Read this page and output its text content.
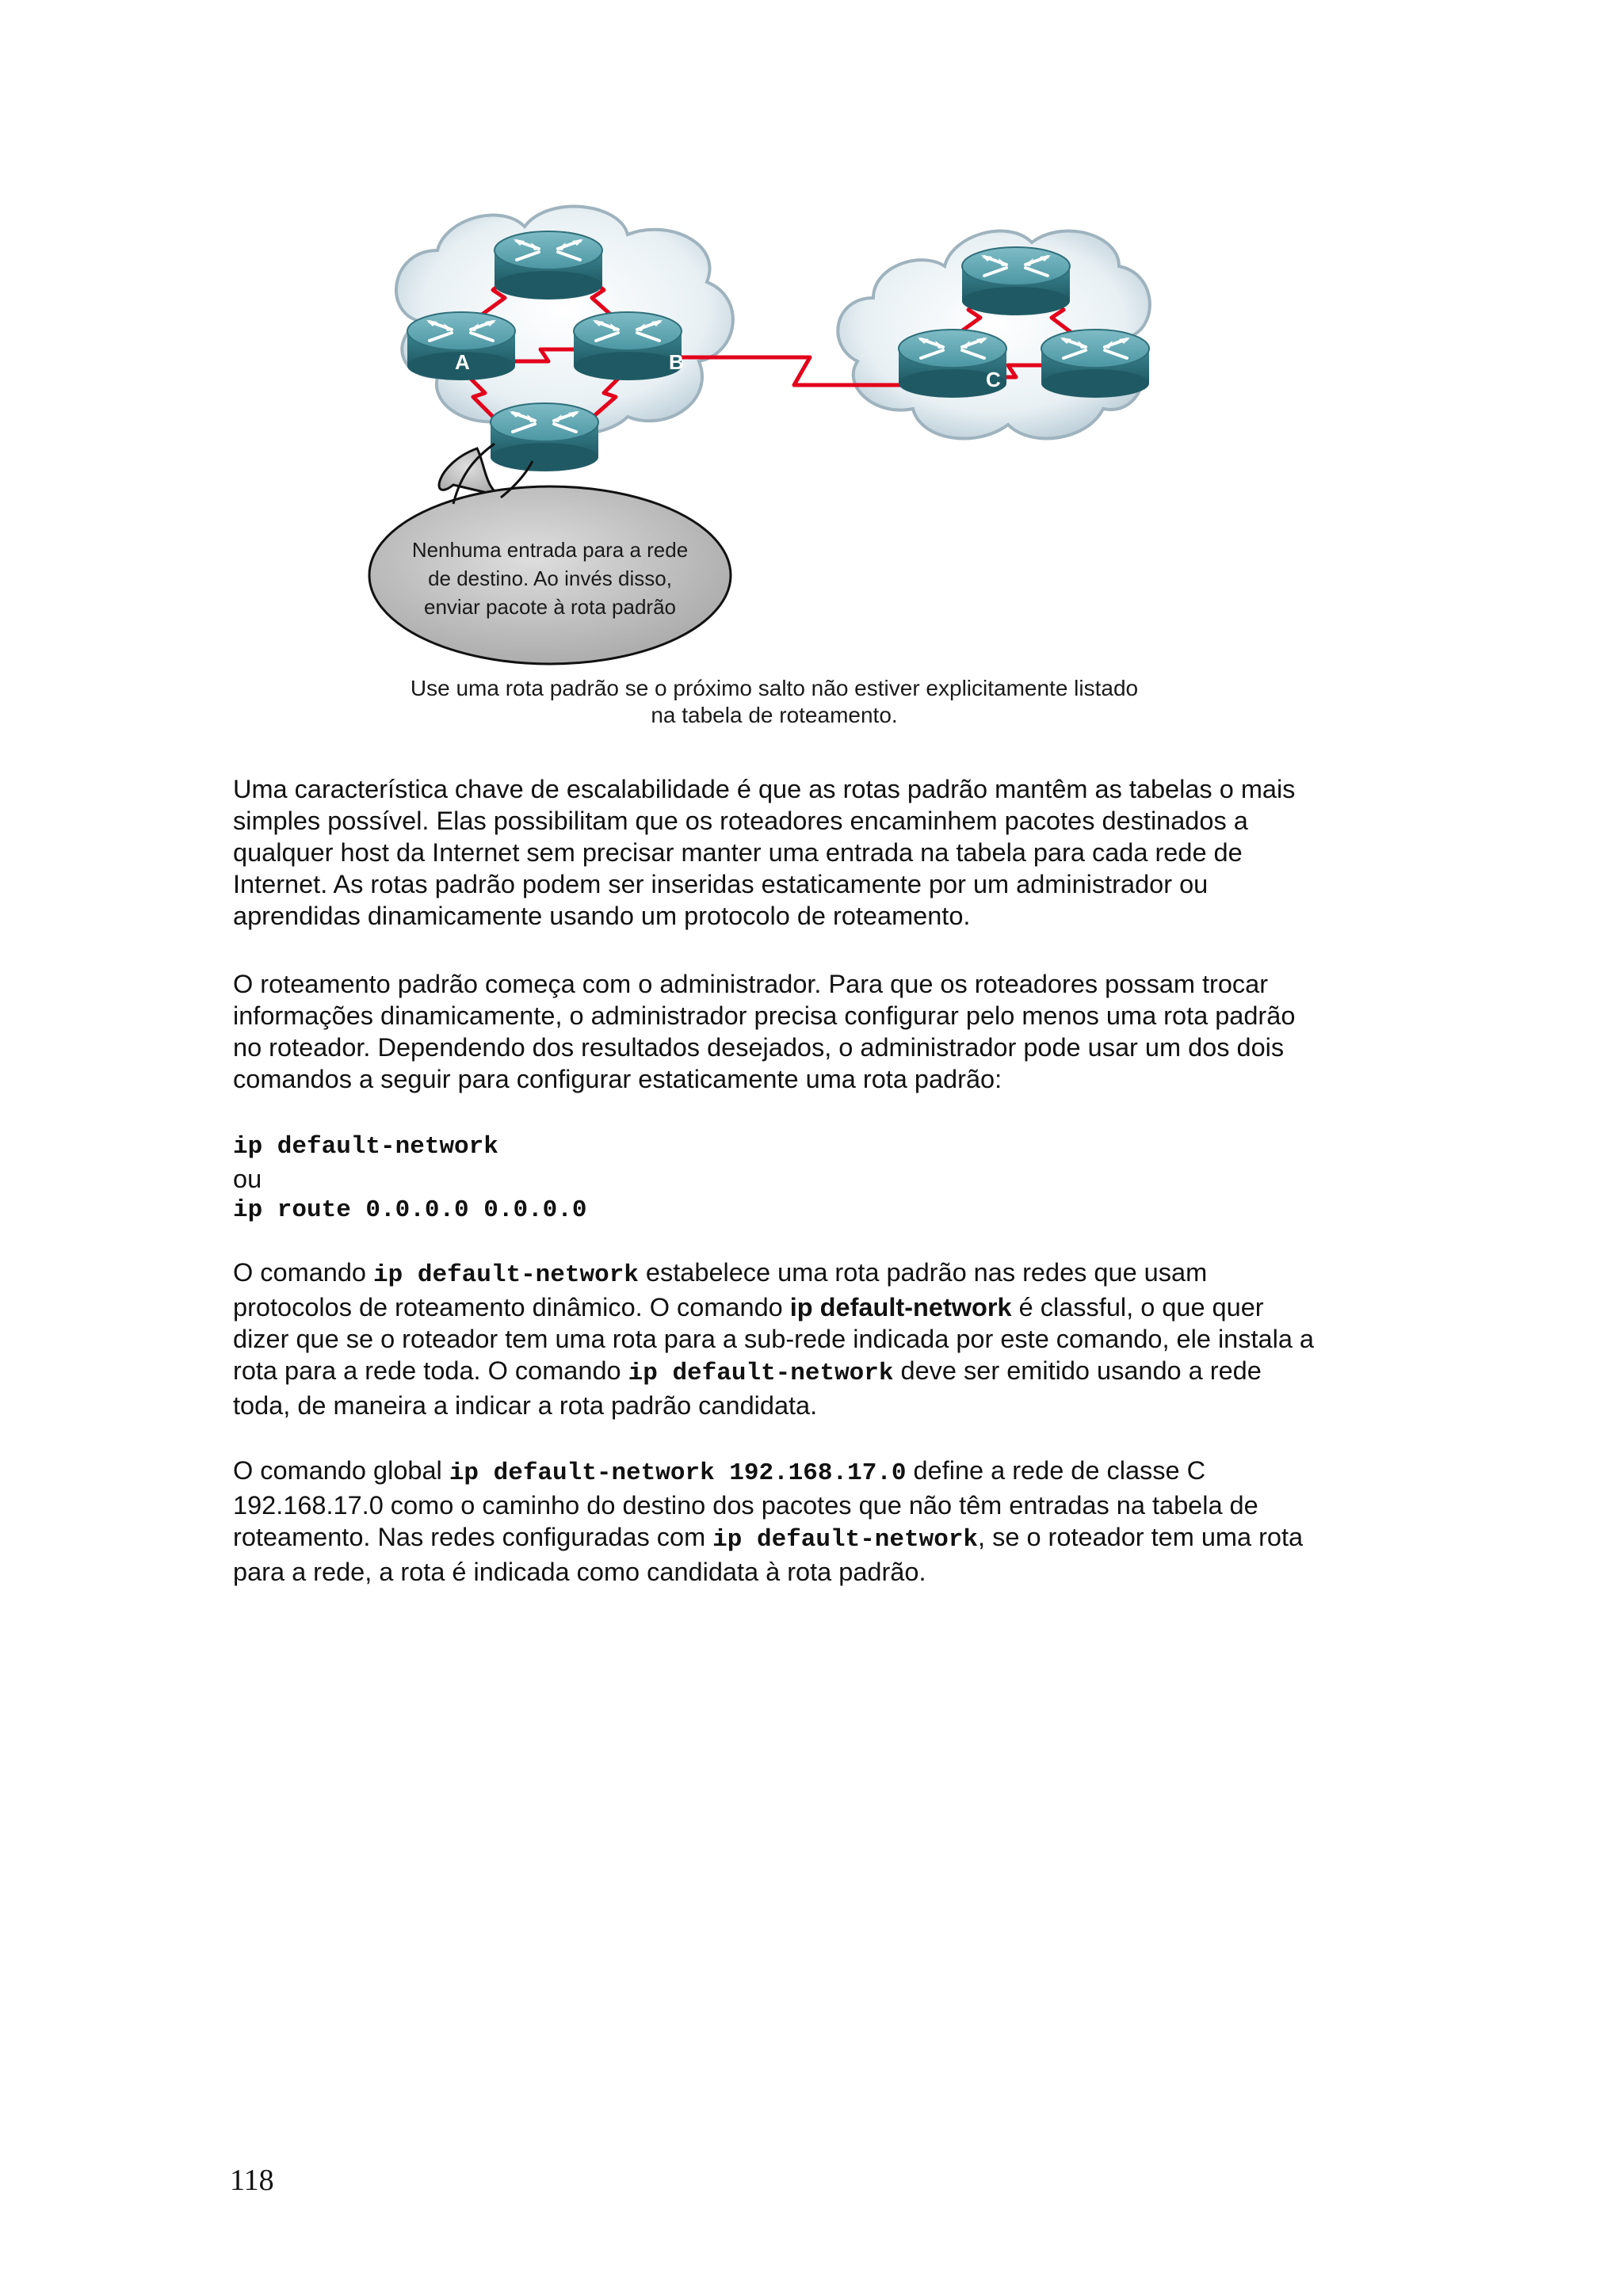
A	B
C
Nenhuma entrada para a rede
de destino. Ao invés disso,
enviar pacote à rota padrão
Use uma rota padrão se o próximo salto não estiver explicitamente listado
na tabela de roteamento.
Uma característica chave de escalabilidade é que as rotas padrão mantêm as tabelas o mais
simples possível. Elas possibilitam que os roteadores encaminhem pacotes destinados a
qualquer host da Internet sem precisar manter uma entrada na tabela para cada rede de
Internet. As rotas padrão podem ser inseridas estaticamente por um administrador ou
aprendidas dinamicamente usando um protocolo de roteamento.
O roteamento padrão começa com o administrador. Para que os roteadores possam trocar
informações dinamicamente, o administrador precisa configurar pelo menos uma rota padrão
no roteador. Dependendo dos resultados desejados, o administrador pode usar um dos dois
comandos a seguir para configurar estaticamente uma rota padrão:
ip default-network
ou
ip route 0.0.0.0 0.0.0.0
O comando ip default-network estabelece uma rota padrão nas redes que usam
protocolos de roteamento dinâmico. O comando ip default-network é classful, o que quer
dizer que se o roteador tem uma rota para a sub-rede indicada por este comando, ele instala a
rota para a rede toda. O comando ip default-network deve ser emitido usando a rede
toda, de maneira a indicar a rota padrão candidata.
O comando global ip default-network 192.168.17.0 define a rede de classe C
192.168.17.0 como o caminho do destino dos pacotes que não têm entradas na tabela de
roteamento. Nas redes configuradas com ip default-network, se o roteador tem uma rota
para a rede, a rota é indicada como candidata à rota padrão.
118
